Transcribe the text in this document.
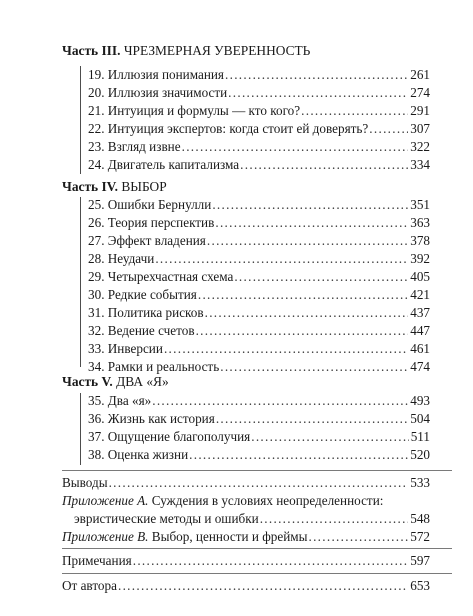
Часть III. ЧРЕЗМЕРНАЯ УВЕРЕННОСТЬ
19. Иллюзия понимания . . .	261
20. Иллюзия значимости . . .	274
21. Интуиция и формулы — кто кого? . . .	291
22. Интуиция экспертов: когда стоит ей доверять? . . .	307
23. Взгляд извне . . .	322
24. Двигатель капитализма . . .	334
Часть IV. ВЫБОР
25. Ошибки Бернулли . . .	351
26. Теория перспектив . . .	363
27. Эффект владения . . .	378
28. Неудачи . . .	392
29. Четырехчастная схема . . .	405
30. Редкие события . . .	421
31. Политика рисков . . .	437
32. Ведение счетов . . .	447
33. Инверсии . . .	461
34. Рамки и реальность . . .	474
Часть V. ДВА «Я»
35. Два «я» . . .	493
36. Жизнь как история . . .	504
37. Ощущение благополучия . . .	511
38. Оценка жизни . . .	520
Выводы . . .	533
Приложение А. Суждения в условиях неопределенности:
эвристические методы и ошибки . . .	548
Приложение В. Выбор, ценности и фреймы . . .	572
Примечания . . .	597
От автора . . .	653
